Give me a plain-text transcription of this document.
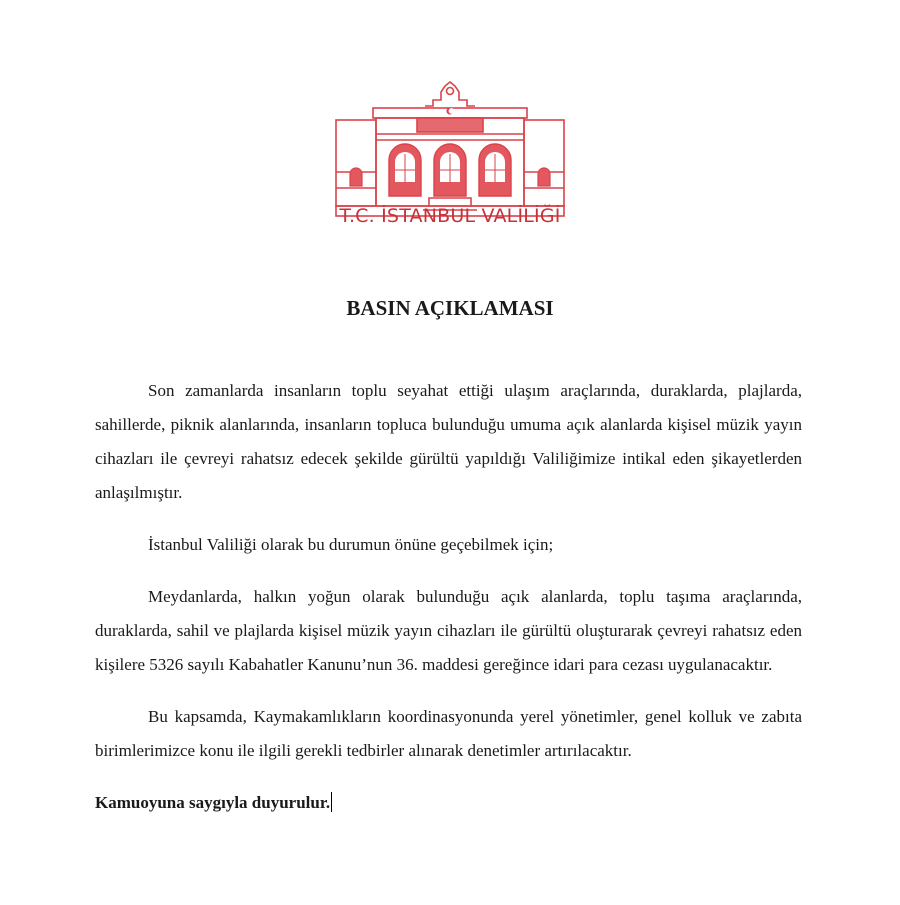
T.C. İSTANBUL VALİLİĞİ
BASIN AÇIKLAMASI

Son zamanlarda insanların toplu seyahat ettiği ulaşım araçlarında, duraklarda, plajlarda, sahillerde, piknik alanlarında, insanların topluca bulunduğu umuma açık alanlarda kişisel müzik yayın cihazları ile çevreyi rahatsız edecek şekilde gürültü yapıldığı Valiliğimize intikal eden şikayetlerden anlaşılmıştır.

İstanbul Valiliği olarak bu durumun önüne geçebilmek için;

Meydanlarda, halkın yoğun olarak bulunduğu açık alanlarda, toplu taşıma araçlarında, duraklarda, sahil ve plajlarda kişisel müzik yayın cihazları ile gürültü oluşturarak çevreyi rahatsız eden kişilere 5326 sayılı Kabahatler Kanunu’nun 36. maddesi gereğince idari para cezası uygulanacaktır.

Bu kapsamda, Kaymakamlıkların koordinasyonunda yerel yönetimler, genel kolluk ve zabıta birimlerimizce konu ile ilgili gerekli tedbirler alınarak denetimler artırılacaktır.

Kamuoyuna saygıyla duyurulur.
